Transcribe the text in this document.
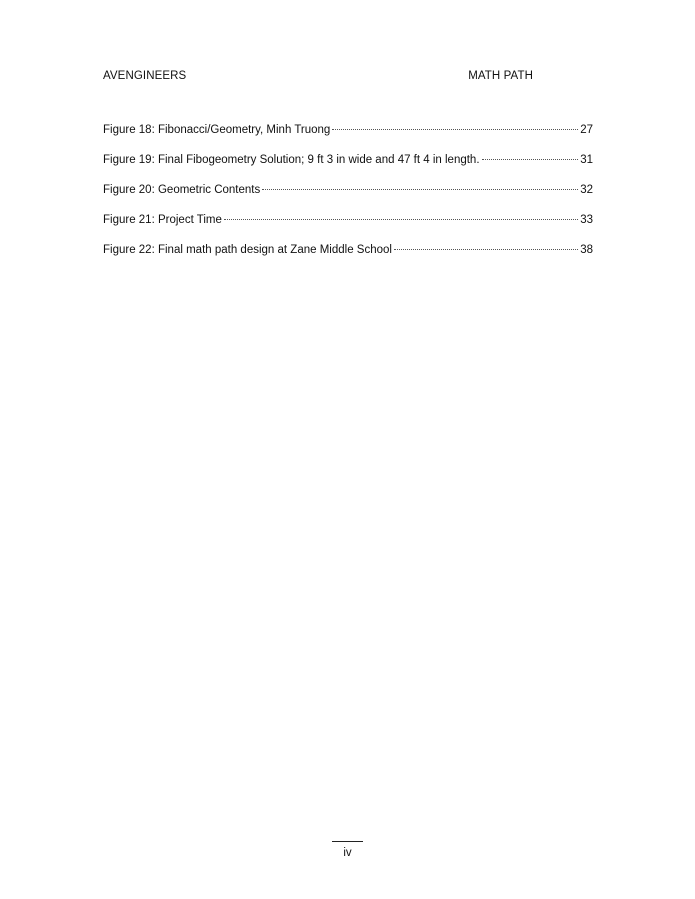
AVENGINEERS	MATH PATH
Figure 18: Fibonacci/Geometry, Minh Truong	27
Figure 19: Final Fibogeometry Solution; 9 ft 3 in wide and 47 ft 4 in length.	31
Figure 20: Geometric Contents	32
Figure 21: Project Time	33
Figure 22: Final math path design at Zane Middle School	38
iv
